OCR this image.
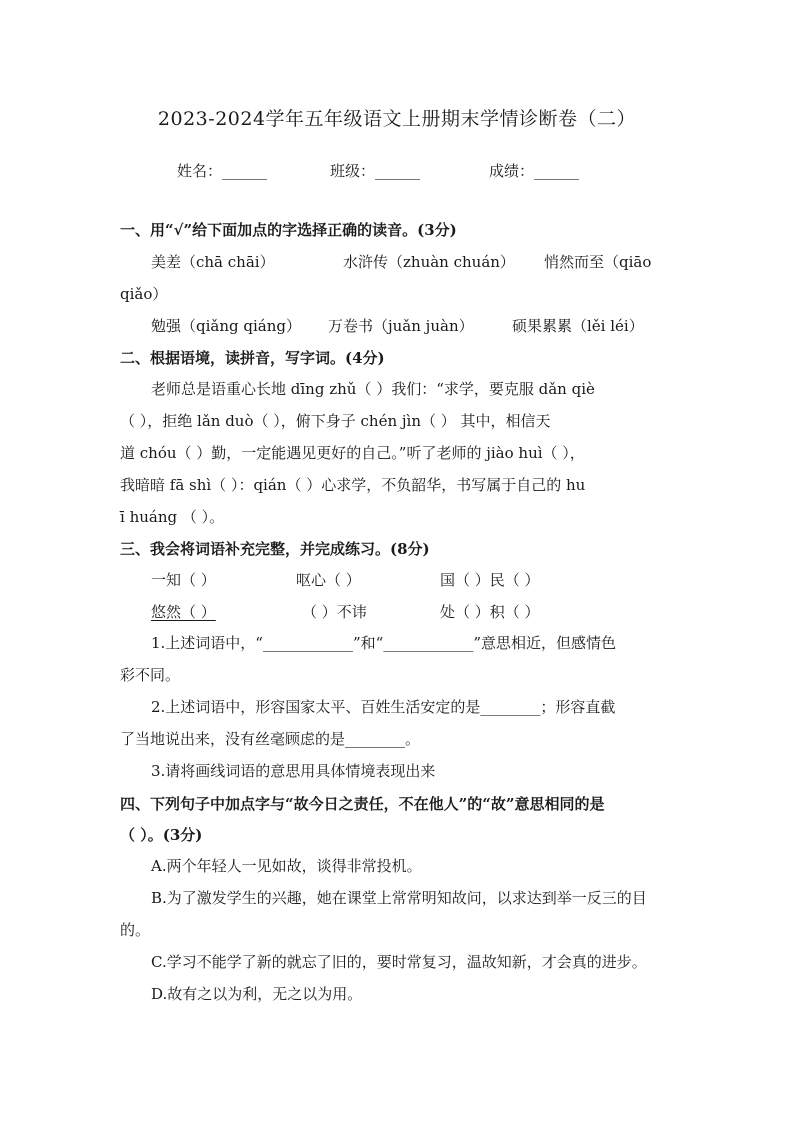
2023-2024学年五年级语文上册期末学情诊断卷（二）
姓名：______	班级：______	成绩：______
一、用“√”给下面加点的字选择正确的读音。(3分)
美差（chā chāi）	水浒传（zhuàn chuán） 悄然而至（qiāo
qiǎo）
勉强（qiǎng qiáng） 万卷书（juǎn juàn）	硕果累累（lěi léi）
二、根据语境，读拼音，写字词。(4分)
老师总是语重心长地 dīng zhǔ（ ）我们：“求学，要克服 dǎn qiè
（ ），拒绝 lǎn duò（ ），俯下身子 chén jìn（ ） 其中，相信天
道 chóu（ ）勤，一定能遇见更好的自己。”听了老师的 jiào huì（ ），
我暗暗 fā shì（ ）：qián（ ）心求学，不负韶华，书写属于自己的 hu
ī huáng （ ）。
三、我会将词语补充完整，并完成练习。(8分)
一知（ ）	呕心（ ）	国（ ）民（ ）
悠然（ ）	（ ）不讳	处（ ）积（ ）
1.上述词语中，“____________”和“____________”意思相近，但感情色
彩不同。
2.上述词语中，形容国家太平、百姓生活安定的是________；形容直截
了当地说出来，没有丝毫顾虑的是________。
3.请将画线词语的意思用具体情境表现出来
四、下列句子中加点字与“故今日之责任，不在他人”的“故”意思相同的是
（ ）。(3分)
A.两个年轻人一见如故，谈得非常投机。
B.为了激发学生的兴趣，她在课堂上常常明知故问，以求达到举一反三的目
的。
C.学习不能学了新的就忘了旧的，要时常复习，温故知新，才会真的进步。
D.故有之以为利，无之以为用。
